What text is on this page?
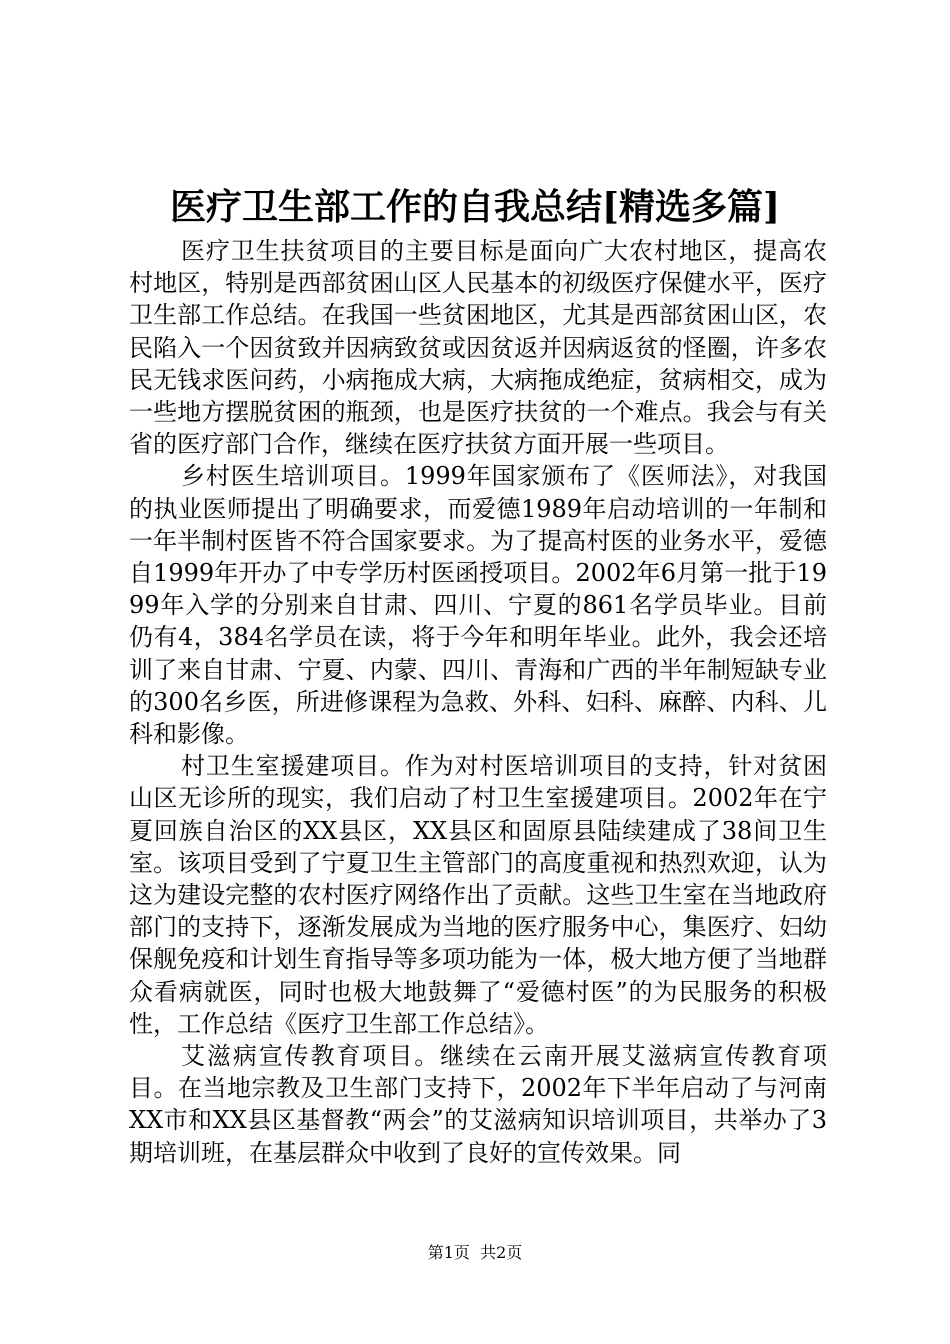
医疗卫生部工作的自我总结[精选多篇]

医疗卫生扶贫项目的主要目标是面向广大农村地区，提高农村地区，特别是西部贫困山区人民基本的初级医疗保健水平，医疗卫生部工作总结。在我国一些贫困地区，尤其是西部贫困山区，农民陷入一个因贫致并因病致贫或因贫返并因病返贫的怪圈，许多农民无钱求医问药，小病拖成大病，大病拖成绝症，贫病相交，成为一些地方摆脱贫困的瓶颈，也是医疗扶贫的一个难点。我会与有关省的医疗部门合作，继续在医疗扶贫方面开展一些项目。

乡村医生培训项目。1999年国家颁布了《医师法》，对我国的执业医师提出了明确要求，而爱德1989年启动培训的一年制和一年半制村医皆不符合国家要求。为了提高村医的业务水平，爱德自1999年开办了中专学历村医函授项目。2002年6月第一批于1999年入学的分别来自甘肃、四川、宁夏的861名学员毕业。目前仍有4，384名学员在读，将于今年和明年毕业。此外，我会还培训了来自甘肃、宁夏、内蒙、四川、青海和广西的半年制短缺专业的300名乡医，所进修课程为急救、外科、妇科、麻醉、内科、儿科和影像。

村卫生室援建项目。作为对村医培训项目的支持，针对贫困山区无诊所的现实，我们启动了村卫生室援建项目。2002年在宁夏回族自治区的XX县区，XX县区和固原县陆续建成了38间卫生室。该项目受到了宁夏卫生主管部门的高度重视和热烈欢迎，认为这为建设完整的农村医疗网络作出了贡献。这些卫生室在当地政府部门的支持下，逐渐发展成为当地的医疗服务中心，集医疗、妇幼保舰免疫和计划生育指导等多项功能为一体，极大地方便了当地群众看病就医，同时也极大地鼓舞了“爱德村医”的为民服务的积极性，工作总结《医疗卫生部工作总结》。

艾滋病宣传教育项目。继续在云南开展艾滋病宣传教育项目。在当地宗教及卫生部门支持下，2002年下半年启动了与河南XX市和XX县区基督教“两会”的艾滋病知识培训项目，共举办了3期培训班，在基层群众中收到了良好的宣传效果。同

第1页 共2页
